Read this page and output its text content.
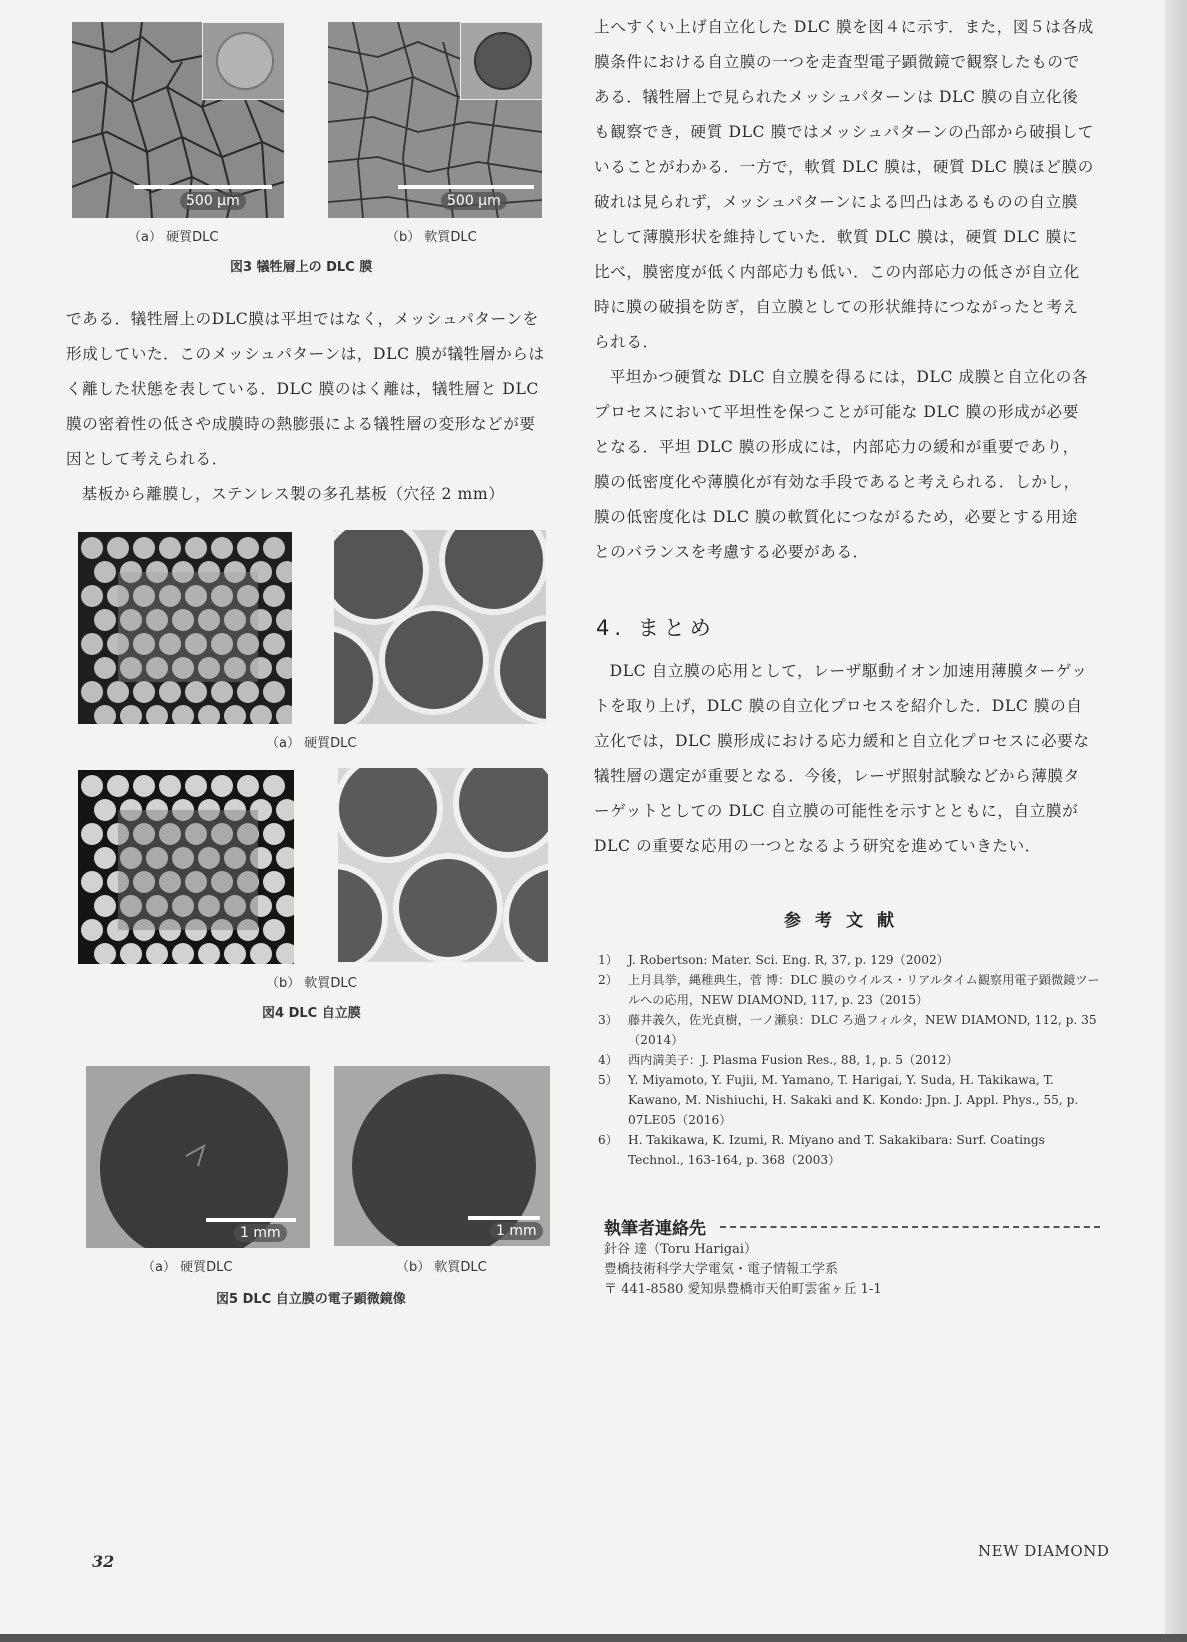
500 μm	500 μm
（a） 硬質DLC	（b） 軟質DLC
図3 犠牲層上の DLC 膜

である．犠牲層上のDLC膜は平坦ではなく，メッシュパターンを形成していた．このメッシュパターンは，DLC 膜が犠牲層からはく離した状態を表している．DLC 膜のはく離は，犠牲層と DLC 膜の密着性の低さや成膜時の熱膨張による犠牲層の変形などが要因として考えられる．

基板から離膜し，ステンレス製の多孔基板（穴径 2 mm）

（a） 硬質DLC
（b） 軟質DLC
図4 DLC 自立膜
1 mm	1 mm
（a） 硬質DLC	（b） 軟質DLC
図5 DLC 自立膜の電子顕微鏡像

上へすくい上げ自立化した DLC 膜を図４に示す．また，図５は各成膜条件における自立膜の一つを走査型電子顕微鏡で観察したものである．犠牲層上で見られたメッシュパターンは DLC 膜の自立化後も観察でき，硬質 DLC 膜ではメッシュパターンの凸部から破損していることがわかる．一方で，軟質 DLC 膜は，硬質 DLC 膜ほど膜の破れは見られず，メッシュパターンによる凹凸はあるものの自立膜として薄膜形状を維持していた．軟質 DLC 膜は，硬質 DLC 膜に比べ，膜密度が低く内部応力も低い．この内部応力の低さが自立化時に膜の破損を防ぎ，自立膜としての形状維持につながったと考えられる．

平坦かつ硬質な DLC 自立膜を得るには，DLC 成膜と自立化の各プロセスにおいて平坦性を保つことが可能な DLC 膜の形成が必要となる．平坦 DLC 膜の形成には，内部応力の緩和が重要であり，膜の低密度化や薄膜化が有効な手段であると考えられる．しかし，膜の低密度化は DLC 膜の軟質化につながるため，必要とする用途とのバランスを考慮する必要がある．

4. まとめ

DLC 自立膜の応用として，レーザ駆動イオン加速用薄膜ターゲットを取り上げ，DLC 膜の自立化プロセスを紹介した．DLC 膜の自立化では，DLC 膜形成における応力緩和と自立化プロセスに必要な犠牲層の選定が重要となる．今後，レーザ照射試験などから薄膜ターゲットとしての DLC 自立膜の可能性を示すとともに，自立膜が DLC の重要な応用の一つとなるよう研究を進めていきたい．

参考文献
1） J. Robertson: Mater. Sci. Eng. R, 37, p. 129（2002）
2） 上月具挙，縄稚典生，菅 博：DLC 膜のウイルス・リアルタイム観察用電子顕微鏡ツールへの応用，NEW DIAMOND, 117, p. 23（2015）
3） 藤井義久，佐光貞樹，一ノ瀬泉：DLC ろ過フィルタ，NEW DIAMOND, 112, p. 35（2014）
4） 西内満美子：J. Plasma Fusion Res., 88, 1, p. 5（2012）
5） Y. Miyamoto, Y. Fujii, M. Yamano, T. Harigai, Y. Suda, H. Takikawa, T. Kawano, M. Nishiuchi, H. Sakaki and K. Kondo: Jpn. J. Appl. Phys., 55, p. 07LE05（2016）
6） H. Takikawa, K. Izumi, R. Miyano and T. Sakakibara: Surf. Coatings Technol., 163-164, p. 368（2003）
執筆者連絡先
針谷 達（Toru Harigai）
豊橋技術科学大学電気・電子情報工学系
〒 441-8580 愛知県豊橋市天伯町雲雀ヶ丘 1-1
32
NEW DIAMOND
